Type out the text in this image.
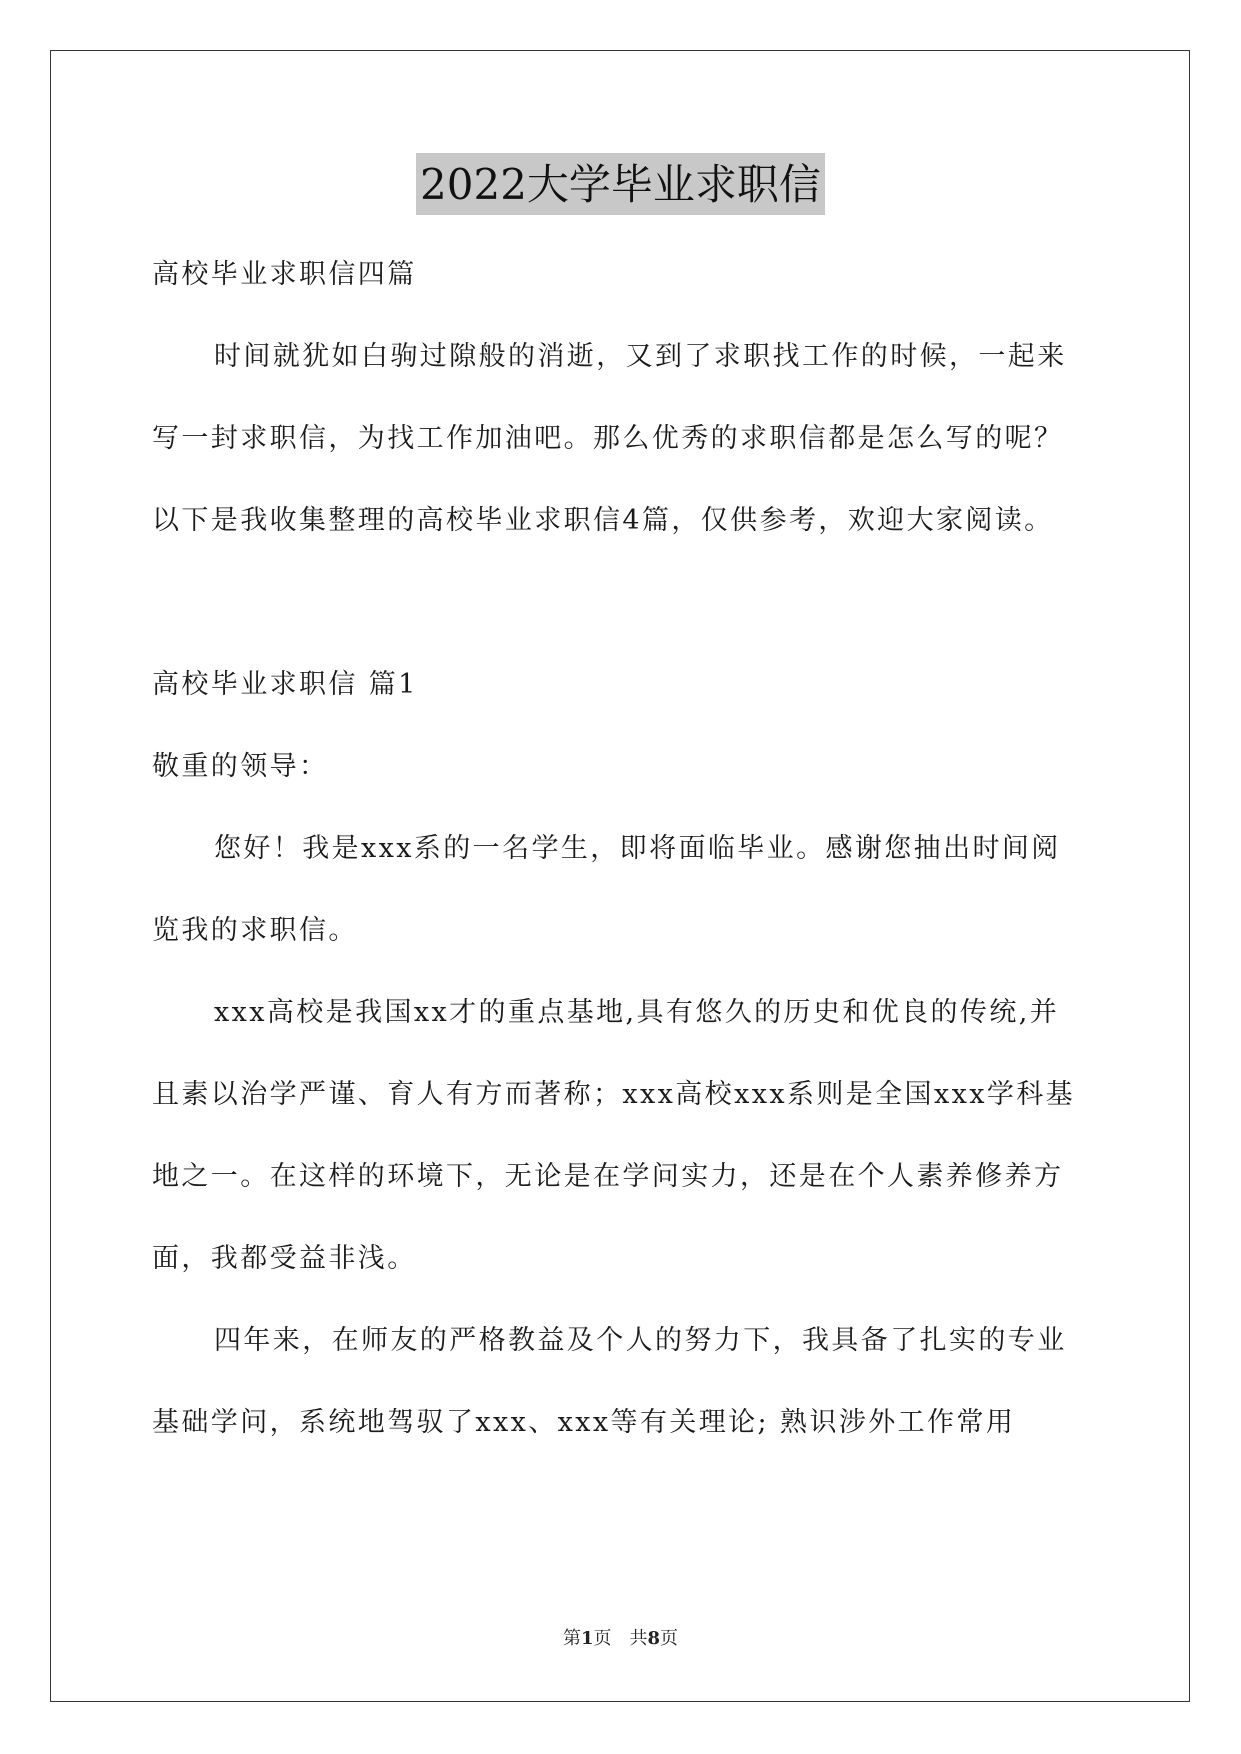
2022大学毕业求职信

高校毕业求职信四篇

时间就犹如白驹过隙般的消逝，又到了求职找工作的时候，一起来写一封求职信，为找工作加油吧。那么优秀的求职信都是怎么写的呢？以下是我收集整理的高校毕业求职信4篇，仅供参考，欢迎大家阅读。

高校毕业求职信 篇1

敬重的领导：

您好！我是xxx系的一名学生，即将面临毕业。感谢您抽出时间阅览我的求职信。

xxx高校是我国xx才的重点基地,具有悠久的历史和优良的传统,并且素以治学严谨、育人有方而著称；xxx高校xxx系则是全国xxx学科基地之一。在这样的环境下，无论是在学问实力，还是在个人素养修养方面，我都受益非浅。

四年来，在师友的严格教益及个人的努力下，我具备了扎实的专业基础学问，系统地驾驭了xxx、xxx等有关理论; 熟识涉外工作常用

第1页　共8页
